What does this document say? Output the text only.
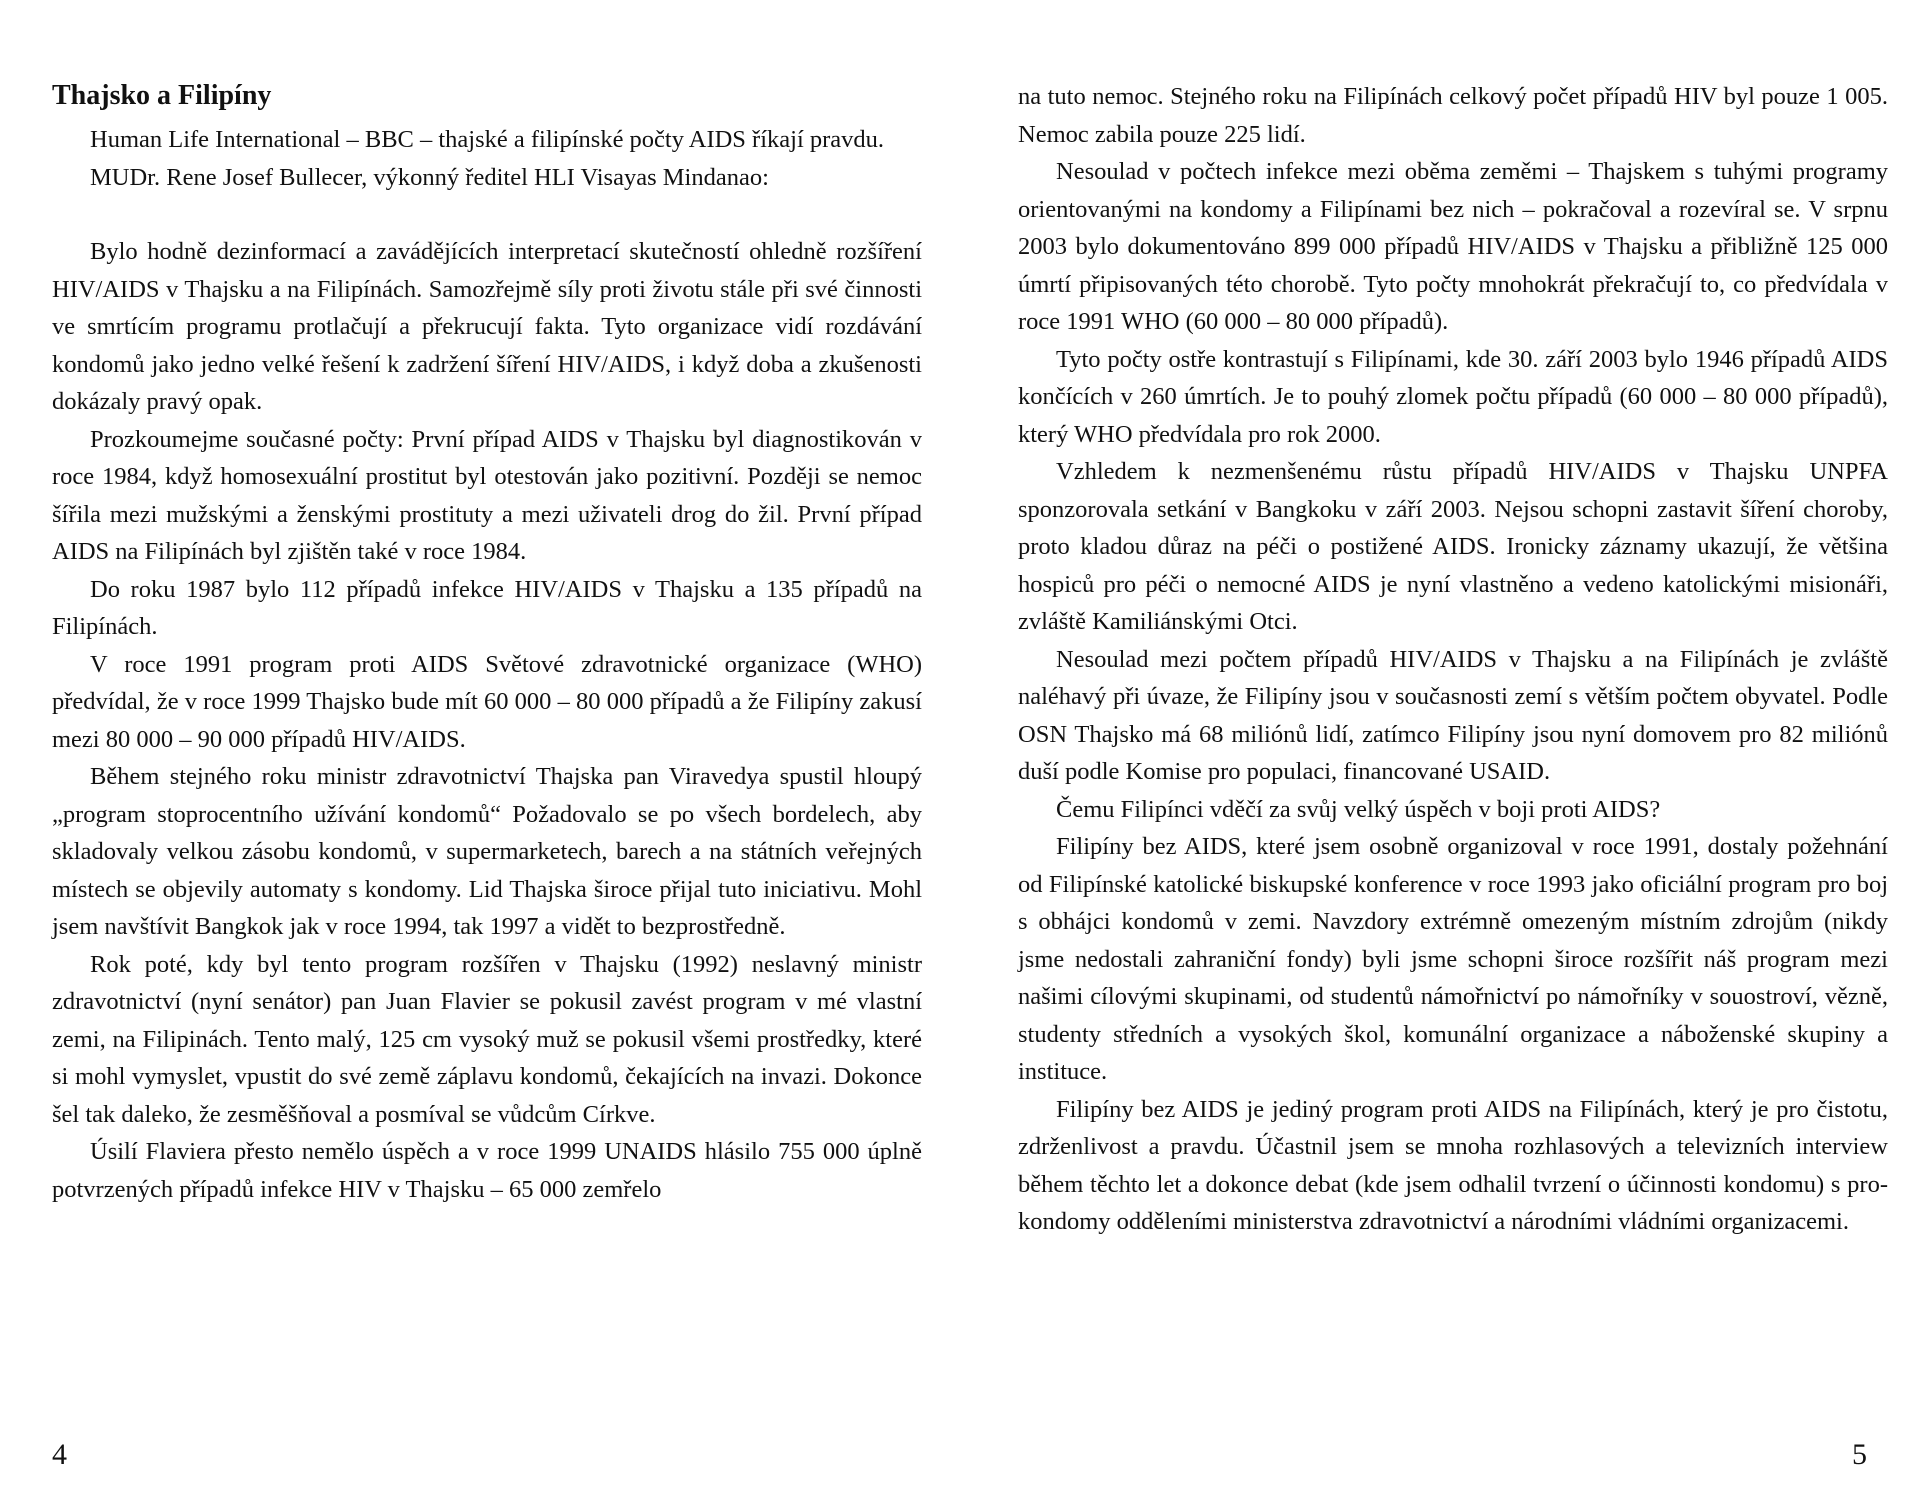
Thajsko a Filipíny

Human Life International – BBC – thajské a filipínské počty AIDS říkají pravdu.

MUDr. Rene Josef Bullecer, výkonný ředitel HLI Visayas Mindanao:

Bylo hodně dezinformací a zavádějících interpretací skutečností ohledně rozšíření HIV/AIDS v Thajsku a na Filipínách. Samozřejmě síly proti životu stále při své činnosti ve smrtícím programu protlačují a překrucují fakta. Tyto organizace vidí rozdávání kondomů jako jedno velké řešení k zadržení šíření HIV/AIDS, i když doba a zkušenosti dokázaly pravý opak.

Prozkoumejme současné počty: První případ AIDS v Thajsku byl diagnostikován v roce 1984, když homosexuální prostitut byl otestován jako pozitivní. Později se nemoc šířila mezi mužskými a ženskými prostituty a mezi uživateli drog do žil. První případ AIDS na Filipínách byl zjištěn také v roce 1984.

Do roku 1987 bylo 112 případů infekce HIV/AIDS v Thajsku a 135 případů na Filipínách.

V roce 1991 program proti AIDS Světové zdravotnické organizace (WHO) předvídal, že v roce 1999 Thajsko bude mít 60 000 – 80 000 případů a že Filipíny zakusí mezi 80 000 – 90 000 případů HIV/AIDS.

Během stejného roku ministr zdravotnictví Thajska pan Viravedya spustil hloupý „program stoprocentního užívání kondomů“ Požadovalo se po všech bordelech, aby skladovaly velkou zásobu kondomů, v supermarketech, barech a na státních veřejných místech se objevily automaty s kondomy. Lid Thajska široce přijal tuto iniciativu. Mohl jsem navštívit Bangkok jak v roce 1994, tak 1997 a vidět to bezprostředně.

Rok poté, kdy byl tento program rozšířen v Thajsku (1992) neslavný ministr zdravotnictví (nyní senátor) pan Juan Flavier se pokusil zavést program v mé vlastní zemi, na Filipinách. Tento malý, 125 cm vysoký muž se pokusil všemi prostředky, které si mohl vymyslet, vpustit do své země záplavu kondomů, čekajících na invazi. Dokonce šel tak daleko, že zesměšňoval a posmíval se vůdcům Církve.

Úsilí Flaviera přesto nemělo úspěch a v roce 1999 UNAIDS hlásilo 755 000 úplně potvrzených případů infekce HIV v Thajsku – 65 000 zemřelo

4

na tuto nemoc. Stejného roku na Filipínách celkový počet případů HIV byl pouze 1 005. Nemoc zabila pouze 225 lidí.

Nesoulad v počtech infekce mezi oběma zeměmi – Thajskem s tuhými programy orientovanými na kondomy a Filipínami bez nich – pokračoval a rozevíral se. V srpnu 2003 bylo dokumentováno 899 000 případů HIV/AIDS v Thajsku a přibližně 125 000 úmrtí připisovaných této chorobě. Tyto počty mnohokrát překračují to, co předvídala v roce 1991 WHO (60 000 – 80 000 případů).

Tyto počty ostře kontrastují s Filipínami, kde 30. září 2003 bylo 1946 případů AIDS končících v 260 úmrtích. Je to pouhý zlomek počtu případů (60 000 – 80 000 případů), který WHO předvídala pro rok 2000.

Vzhledem k nezmenšenému růstu případů HIV/AIDS v Thajsku UNPFA sponzorovala setkání v Bangkoku v září 2003. Nejsou schopni zastavit šíření choroby, proto kladou důraz na péči o postižené AIDS. Ironicky záznamy ukazují, že většina hospiců pro péči o nemocné AIDS je nyní vlastněno a vedeno katolickými misionáři, zvláště Kamiliánskými Otci.

Nesoulad mezi počtem případů HIV/AIDS v Thajsku a na Filipínách je zvláště naléhavý při úvaze, že Filipíny jsou v současnosti zemí s větším počtem obyvatel. Podle OSN Thajsko má 68 miliónů lidí, zatímco Filipíny jsou nyní domovem pro 82 miliónů duší podle Komise pro populaci, financované USAID.

Čemu Filipínci vděčí za svůj velký úspěch v boji proti AIDS?

Filipíny bez AIDS, které jsem osobně organizoval v roce 1991, dostaly požehnání od Filipínské katolické biskupské konference v roce 1993 jako oficiální program pro boj s obhájci kondomů v zemi. Navzdory extrémně omezeným místním zdrojům (nikdy jsme nedostali zahraniční fondy) byli jsme schopni široce rozšířit náš program mezi našimi cílovými skupinami, od studentů námořnictví po námořníky v souostroví, vězně, studenty středních a vysokých škol, komunální organizace a náboženské skupiny a instituce.

Filipíny bez AIDS je jediný program proti AIDS na Filipínách, který je pro čistotu, zdrženlivost a pravdu. Účastnil jsem se mnoha rozhlasových a televizních interview během těchto let a dokonce debat (kde jsem odhalil tvrzení o účinnosti kondomu) s pro-kondomy odděleními ministerstva zdravotnictví a národními vládními organizacemi.

5
